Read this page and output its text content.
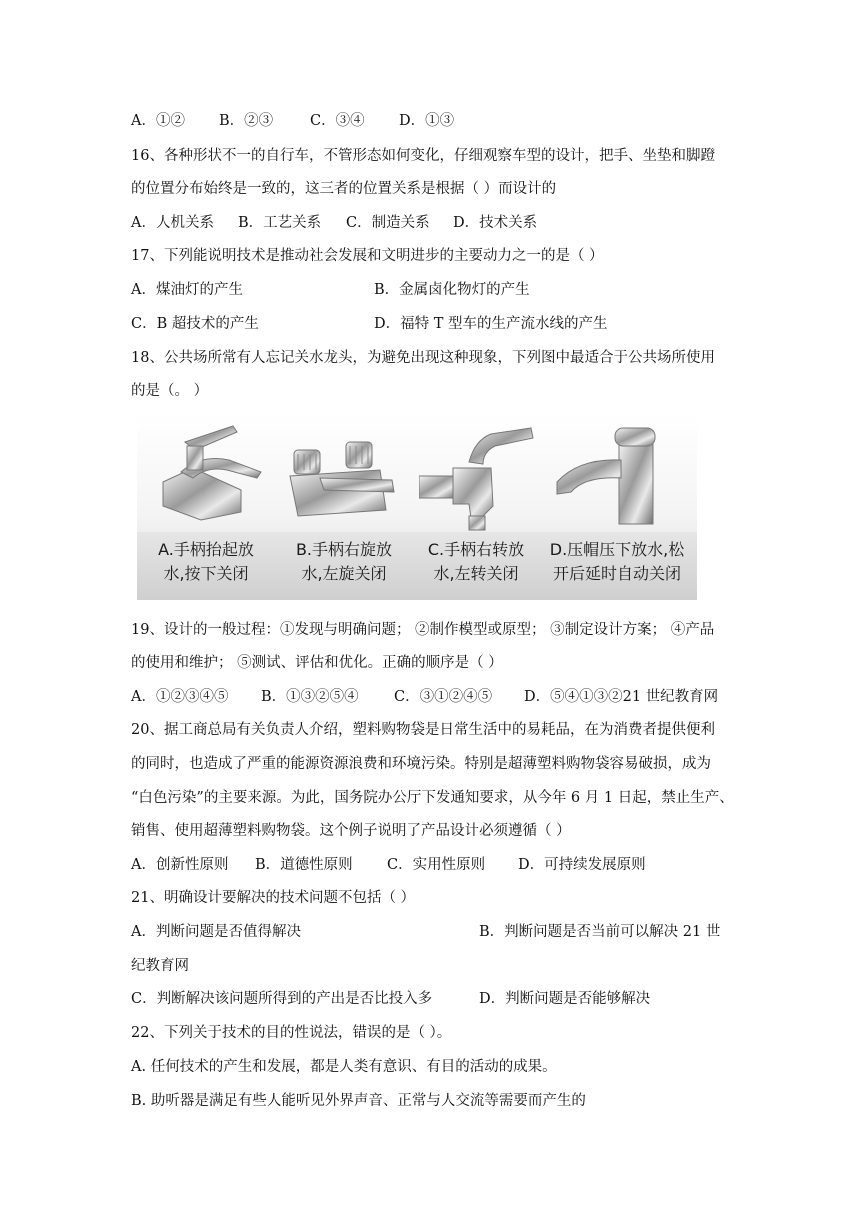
A．①② B．②③	C．③④ D．①③
16、各种形状不一的自行车，不管形态如何变化，仔细观察车型的设计，把手、坐垫和脚蹬
的位置分布始终是一致的，这三者的位置关系是根据（ ）而设计的
A．人机关系 B．工艺关系 C．制造关系 D．技术关系
17、下列能说明技术是推动社会发展和文明进步的主要动力之一的是（ ）
A．煤油灯的产生	B．金属卤化物灯的产生
C．B 超技术的产生	D．福特 T 型车的生产流水线的产生
18、公共场所常有人忘记关水龙头，为避免出现这种现象，下列图中最适合于公共场所使用
的是（。 ）
A.手柄抬起放
水,按下关闭
B.手柄右旋放
水,左旋关闭
C.手柄右转放
水,左转关闭
D.压帽压下放水,松
开后延时自动关闭
19、设计的一般过程：①发现与明确问题； ②制作模型或原型； ③制定设计方案； ④产品
的使用和维护； ⑤测试、评估和优化。正确的顺序是（ ）
A．①②③④⑤ B．①③②⑤④ C．③①②④⑤ D．⑤④①③②21 世纪教育网
20、据工商总局有关负责人介绍，塑料购物袋是日常生活中的易耗品，在为消费者提供便利
的同时，也造成了严重的能源资源浪费和环境污染。特别是超薄塑料购物袋容易破损，成为
“白色污染”的主要来源。为此，国务院办公厅下发通知要求，从今年 6 月 1 日起，禁止生产、
销售、使用超薄塑料购物袋。这个例子说明了产品设计必须遵循（ ）
A．创新性原则 B．道德性原则 C．实用性原则 D．可持续发展原则
21、明确设计要解决的技术问题不包括（ ）
A．判断问题是否值得解决	B．判断问题是否当前可以解决 21 世
纪教育网
C．判断解决该问题所得到的产出是否比投入多	D．判断问题是否能够解决
22、下列关于技术的目的性说法，错误的是（ ）。
A. 任何技术的产生和发展，都是人类有意识、有目的活动的成果。
B. 助听器是满足有些人能听见外界声音、正常与人交流等需要而产生的
